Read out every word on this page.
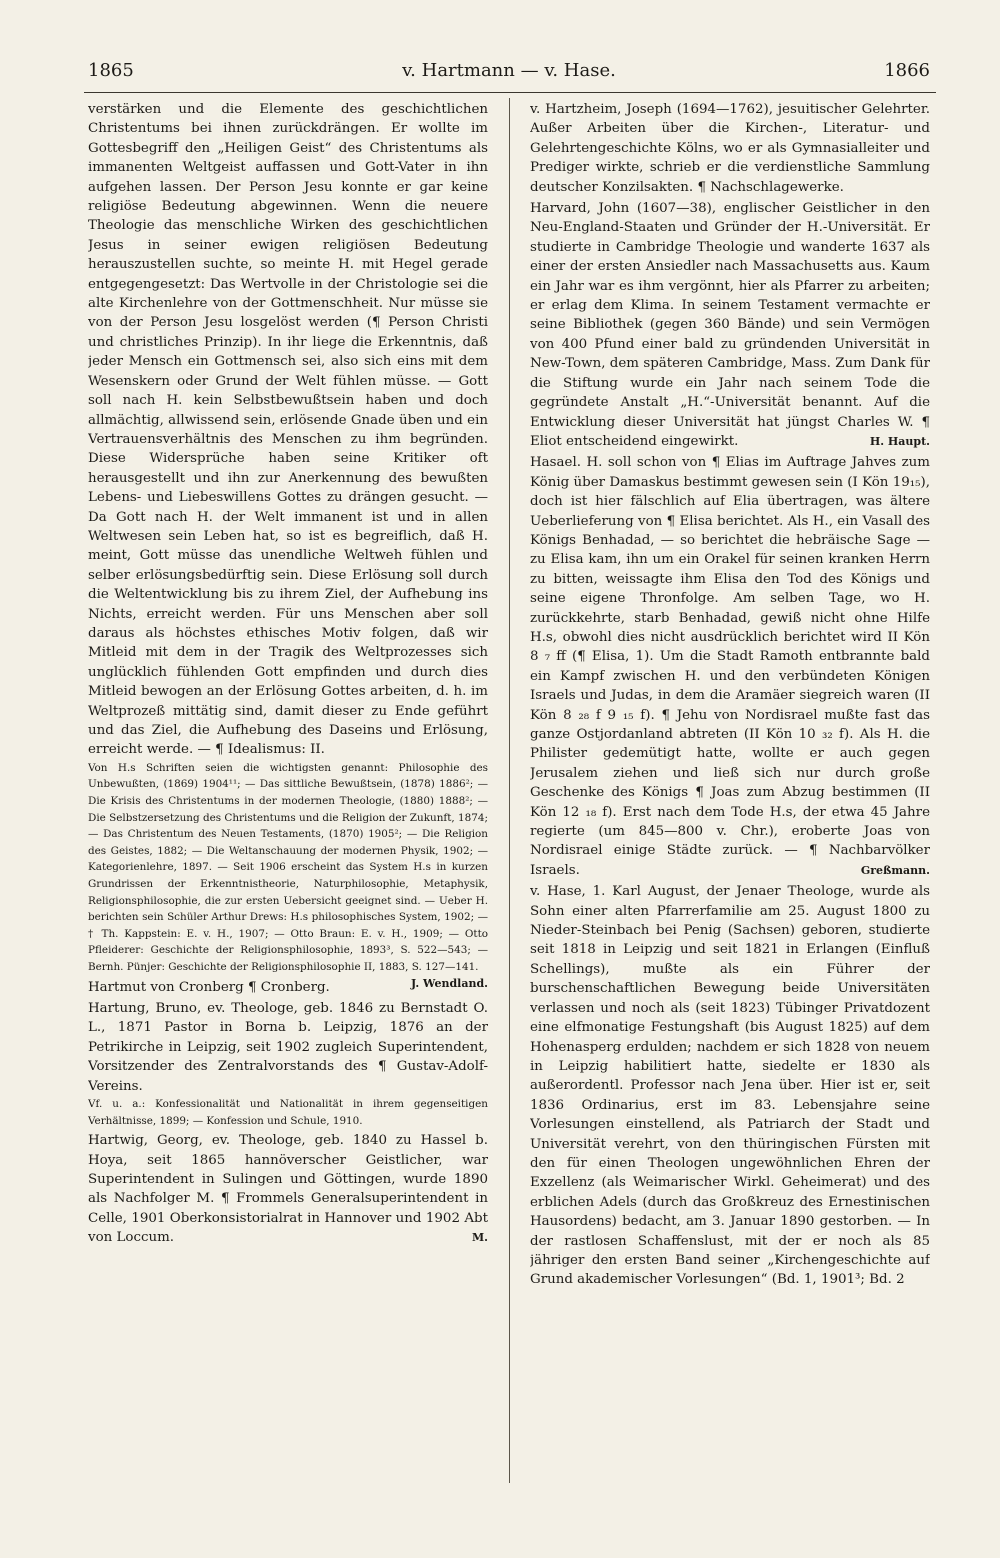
1865	v. Hartmann — v. Hase.	1866

verstärken und die Elemente des geschichtlichen Christentums bei ihnen zurückdrängen. Er wollte im Gottesbegriff den „Heiligen Geist“ des Christentums als immanenten Weltgeist auffassen und Gott-Vater in ihn aufgehen lassen. Der Person Jesu konnte er gar keine religiöse Bedeutung abgewinnen. Wenn die neuere Theologie das menschliche Wirken des geschichtlichen Jesus in seiner ewigen religiösen Bedeutung herauszustellen suchte, so meinte H. mit Hegel gerade entgegengesetzt: Das Wertvolle in der Christologie sei die alte Kirchenlehre von der Gottmenschheit. Nur müsse sie von der Person Jesu losgelöst werden (¶ Person Christi und christliches Prinzip). In ihr liege die Erkenntnis, daß jeder Mensch ein Gottmensch sei, also sich eins mit dem Wesenskern oder Grund der Welt fühlen müsse. — Gott soll nach H. kein Selbstbewußtsein haben und doch allmächtig, allwissend sein, erlösende Gnade üben und ein Vertrauensverhältnis des Menschen zu ihm begründen. Diese Widersprüche haben seine Kritiker oft herausgestellt und ihn zur Anerkennung des bewußten Lebens- und Liebeswillens Gottes zu drängen gesucht. — Da Gott nach H. der Welt immanent ist und in allen Weltwesen sein Leben hat, so ist es begreiflich, daß H. meint, Gott müsse das unendliche Weltweh fühlen und selber erlösungsbedürftig sein. Diese Erlösung soll durch die Weltentwicklung bis zu ihrem Ziel, der Aufhebung ins Nichts, erreicht werden. Für uns Menschen aber soll daraus als höchstes ethisches Motiv folgen, daß wir Mitleid mit dem in der Tragik des Weltprozesses sich unglücklich fühlenden Gott empfinden und durch dies Mitleid bewogen an der Erlösung Gottes arbeiten, d. h. im Weltprozeß mittätig sind, damit dieser zu Ende geführt und das Ziel, die Aufhebung des Daseins und Erlösung, erreicht werde. — ¶ Idealismus: II.

Von H.s Schriften seien die wichtigsten genannt: Philosophie des Unbewußten, (1869) 1904¹¹; — Das sittliche Bewußtsein, (1878) 1886²; — Die Krisis des Christentums in der modernen Theologie, (1880) 1888²; — Die Selbstzersetzung des Christentums und die Religion der Zukunft, 1874; — Das Christentum des Neuen Testaments, (1870) 1905²; — Die Religion des Geistes, 1882; — Die Weltanschauung der modernen Physik, 1902; — Kategorienlehre, 1897. — Seit 1906 erscheint das System H.s in kurzen Grundrissen der Erkenntnistheorie, Naturphilosophie, Metaphysik, Religionsphilosophie, die zur ersten Uebersicht geeignet sind. — Ueber H. berichten sein Schüler Arthur Drews: H.s philosophisches System, 1902; — † Th. Kappstein: E. v. H., 1907; — Otto Braun: E. v. H., 1909; — Otto Pfleiderer: Geschichte der Religionsphilosophie, 1893³, S. 522—543; — Bernh. Pünjer: Geschichte der Religionsphilosophie II, 1883, S. 127—141.
J. Wendland.

Hartmut von Cronberg ¶ Cronberg.

Hartung, Bruno, ev. Theologe, geb. 1846 zu Bernstadt O. L., 1871 Pastor in Borna b. Leipzig, 1876 an der Petrikirche in Leipzig, seit 1902 zugleich Superintendent, Vorsitzender des Zentralvorstands des ¶ Gustav-Adolf-Vereins.

Vf. u. a.: Konfessionalität und Nationalität in ihrem gegenseitigen Verhältnisse, 1899; — Konfession und Schule, 1910.

Hartwig, Georg, ev. Theologe, geb. 1840 zu Hassel b. Hoya, seit 1865 hannöverscher Geistlicher, war Superintendent in Sulingen und Göttingen, wurde 1890 als Nachfolger M. ¶ Frommels Generalsuperintendent in Celle, 1901 Oberkonsistorialrat in Hannover und 1902 Abt von Loccum.	M.

v. Hartzheim, Joseph (1694—1762), jesuitischer Gelehrter. Außer Arbeiten über die Kirchen-, Literatur- und Gelehrtengeschichte Kölns, wo er als Gymnasialleiter und Prediger wirkte, schrieb er die verdienstliche Sammlung deutscher Konzilsakten. ¶ Nachschlagewerke.

Harvard, John (1607—38), englischer Geistlicher in den Neu-England-Staaten und Gründer der H.-Universität. Er studierte in Cambridge Theologie und wanderte 1637 als einer der ersten Ansiedler nach Massachusetts aus. Kaum ein Jahr war es ihm vergönnt, hier als Pfarrer zu arbeiten; er erlag dem Klima. In seinem Testament vermachte er seine Bibliothek (gegen 360 Bände) und sein Vermögen von 400 Pfund einer bald zu gründenden Universität in New-Town, dem späteren Cambridge, Mass. Zum Dank für die Stiftung wurde ein Jahr nach seinem Tode die gegründete Anstalt „H.“-Universität benannt. Auf die Entwicklung dieser Universität hat jüngst Charles W. ¶ Eliot entscheidend eingewirkt.	H. Haupt.

Hasael. H. soll schon von ¶ Elias im Auftrage Jahves zum König über Damaskus bestimmt gewesen sein (I Kön 19₁₅), doch ist hier fälschlich auf Elia übertragen, was ältere Ueberlieferung von ¶ Elisa berichtet. Als H., ein Vasall des Königs Benhadad, — so berichtet die hebräische Sage — zu Elisa kam, ihn um ein Orakel für seinen kranken Herrn zu bitten, weissagte ihm Elisa den Tod des Königs und seine eigene Thronfolge. Am selben Tage, wo H. zurückkehrte, starb Benhadad, gewiß nicht ohne Hilfe H.s, obwohl dies nicht ausdrücklich berichtet wird II Kön 8 ₇ ff (¶ Elisa, 1). Um die Stadt Ramoth entbrannte bald ein Kampf zwischen H. und den verbündeten Königen Israels und Judas, in dem die Aramäer siegreich waren (II Kön 8 ₂₈ f 9 ₁₅ f). ¶ Jehu von Nordisrael mußte fast das ganze Ostjordanland abtreten (II Kön 10 ₃₂ f). Als H. die Philister gedemütigt hatte, wollte er auch gegen Jerusalem ziehen und ließ sich nur durch große Geschenke des Königs ¶ Joas zum Abzug bestimmen (II Kön 12 ₁₈ f). Erst nach dem Tode H.s, der etwa 45 Jahre regierte (um 845—800 v. Chr.), eroberte Joas von Nordisrael einige Städte zurück. — ¶ Nachbarvölker Israels.	Greßmann.

v. Hase, 1. Karl August, der Jenaer Theologe, wurde als Sohn einer alten Pfarrerfamilie am 25. August 1800 zu Nieder-Steinbach bei Penig (Sachsen) geboren, studierte seit 1818 in Leipzig und seit 1821 in Erlangen (Einfluß Schellings), mußte als ein Führer der burschenschaftlichen Bewegung beide Universitäten verlassen und noch als (seit 1823) Tübinger Privatdozent eine elfmonatige Festungshaft (bis August 1825) auf dem Hohenasperg erdulden; nachdem er sich 1828 von neuem in Leipzig habilitiert hatte, siedelte er 1830 als außerordentl. Professor nach Jena über. Hier ist er, seit 1836 Ordinarius, erst im 83. Lebensjahre seine Vorlesungen einstellend, als Patriarch der Stadt und Universität verehrt, von den thüringischen Fürsten mit den für einen Theologen ungewöhnlichen Ehren der Exzellenz (als Weimarischer Wirkl. Geheimerat) und des erblichen Adels (durch das Großkreuz des Ernestinischen Hausordens) bedacht, am 3. Januar 1890 gestorben. — In der rastlosen Schaffenslust, mit der er noch als 85 jähriger den ersten Band seiner „Kirchengeschichte auf Grund akademischer Vorlesungen“ (Bd. 1, 1901³; Bd. 2
